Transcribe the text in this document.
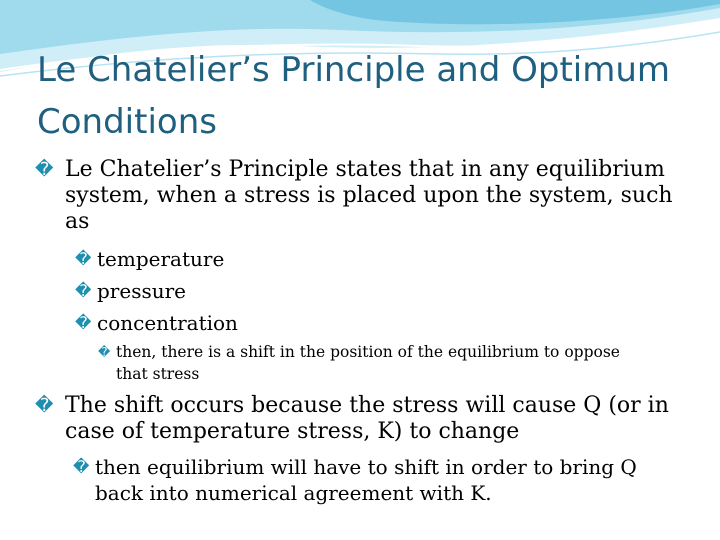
Le Chatelier’s Principle and Optimum Conditions
� Le Chatelier’s Principle states that in any equilibrium system, when a stress is placed upon the system, such as
� temperature
� pressure
� concentration
� then, there is a shift in the position of the equilibrium to oppose that stress
� The shift occurs because the stress will cause Q (or in case of temperature stress, K) to change
� then equilibrium will have to shift in order to bring Q back into numerical agreement with K.
